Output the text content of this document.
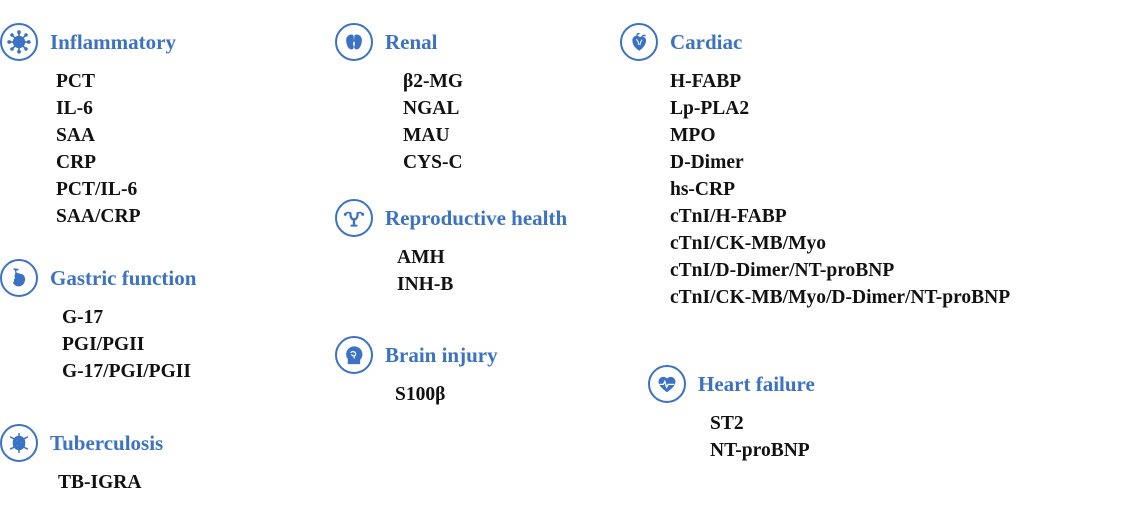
Inflammatory
PCT
IL-6
SAA
CRP
PCT/IL-6
SAA/CRP
Gastric function
G-17
PGI/PGII
G-17/PGI/PGII
Tuberculosis
TB-IGRA
Renal
β2-MG
NGAL
MAU
CYS-C
Reproductive health
AMH
INH-B
Brain injury
S100β
Cardiac
H-FABP
Lp-PLA2
MPO
D-Dimer
hs-CRP
cTnI/H-FABP
cTnI/CK-MB/Myo
cTnI/D-Dimer/NT-proBNP
cTnI/CK-MB/Myo/D-Dimer/NT-proBNP
Heart failure
ST2
NT-proBNP
